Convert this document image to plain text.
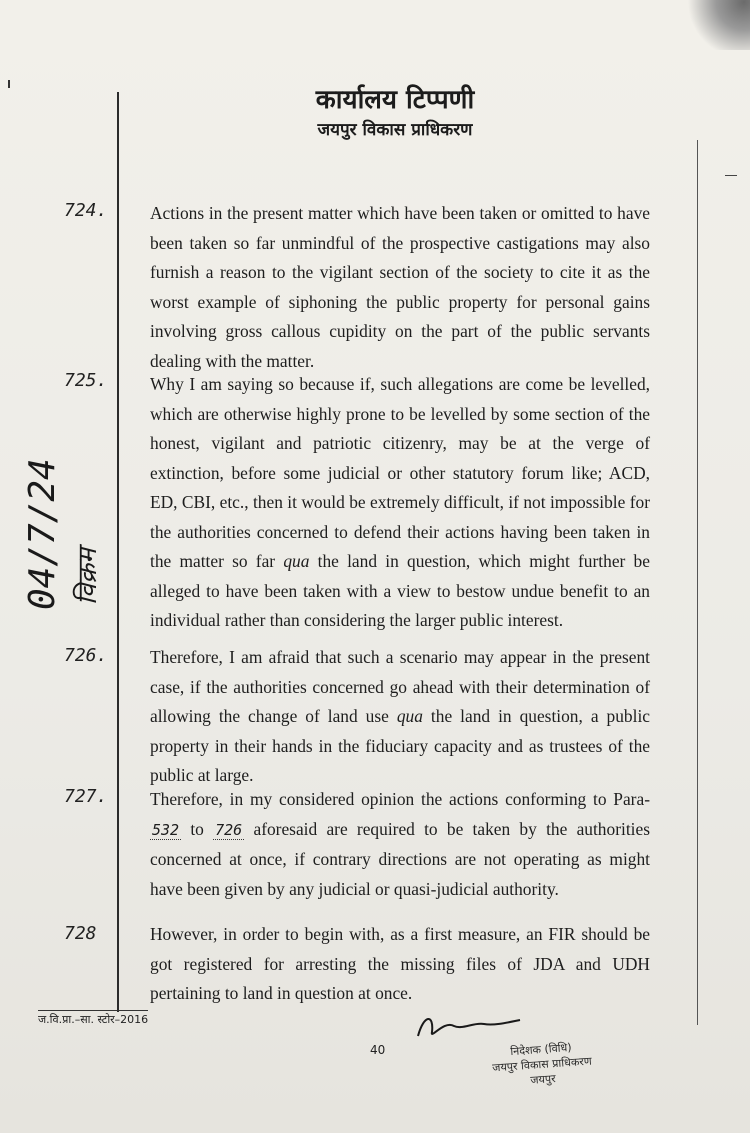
कार्यालय टिप्पणी
जयपुर विकास प्राधिकरण
724. Actions in the present matter which have been taken or omitted to have been taken so far unmindful of the prospective castigations may also furnish a reason to the vigilant section of the society to cite it as the worst example of siphoning the public property for personal gains involving gross callous cupidity on the part of the public servants dealing with the matter.
725. Why I am saying so because if, such allegations are come be levelled, which are otherwise highly prone to be levelled by some section of the honest, vigilant and patriotic citizenry, may be at the verge of extinction, before some judicial or other statutory forum like; ACD, ED, CBI, etc., then it would be extremely difficult, if not impossible for the authorities concerned to defend their actions having been taken in the matter so far qua the land in question, which might further be alleged to have been taken with a view to bestow undue benefit to an individual rather than considering the larger public interest.
726. Therefore, I am afraid that such a scenario may appear in the present case, if the authorities concerned go ahead with their determination of allowing the change of land use qua the land in question, a public property in their hands in the fiduciary capacity and as trustees of the public at large.
727. Therefore, in my considered opinion the actions conforming to Para-532 to 726 aforesaid are required to be taken by the authorities concerned at once, if contrary directions are not operating as might have been given by any judicial or quasi-judicial authority.
728	However, in order to begin with, as a first measure, an FIR should be got registered for arresting the missing files of JDA and UDH pertaining to land in question at once.
04/7/24 विक्रम
ज.वि.प्रा.–सा. स्टोर–2016
40	निदेशक (विधि)
जयपुर विकास प्राधिकरण
जयपुर
